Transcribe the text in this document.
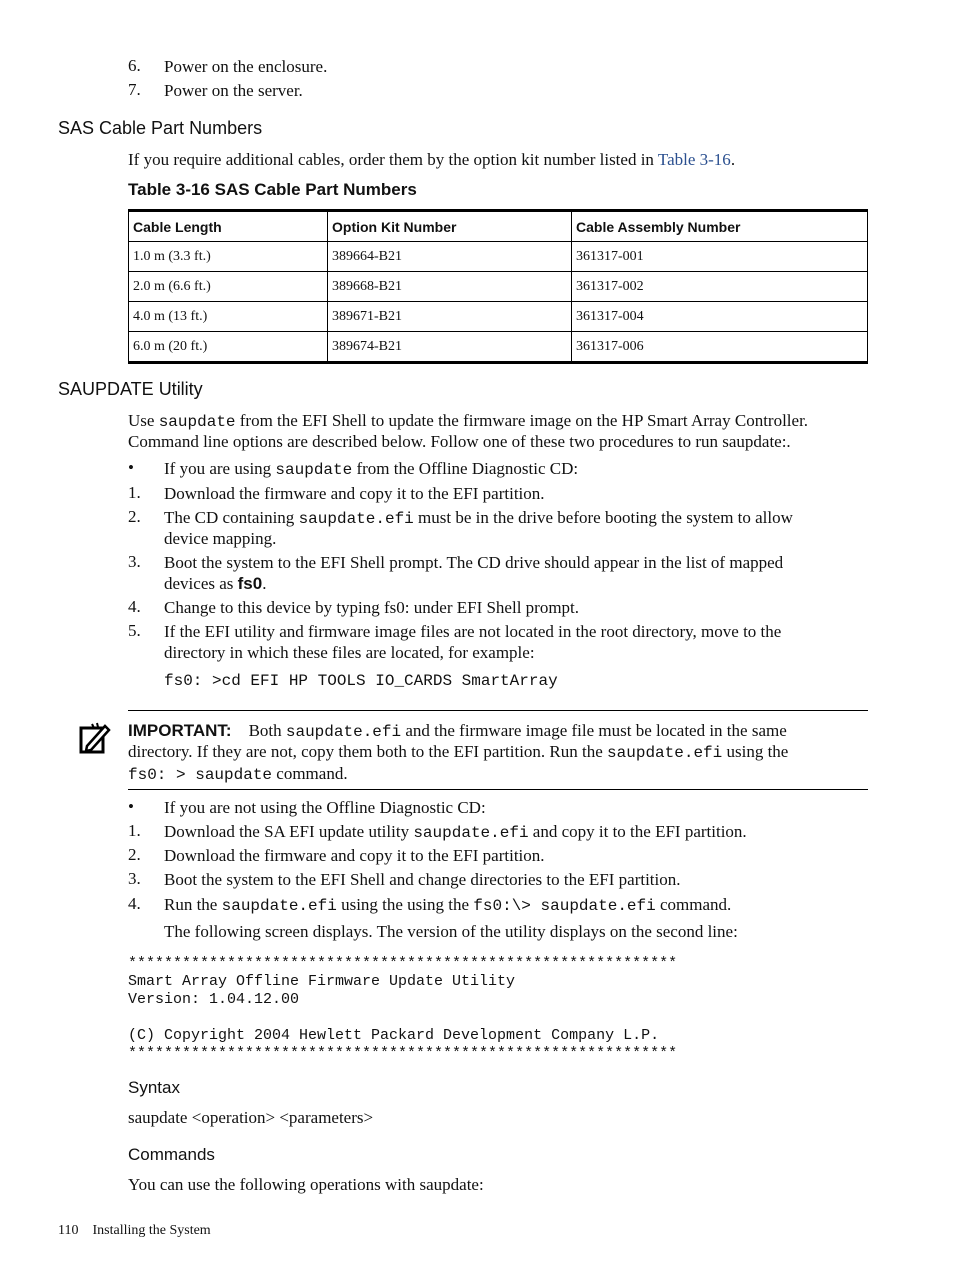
6. Power on the enclosure.
7. Power on the server.
SAS Cable Part Numbers
If you require additional cables, order them by the option kit number listed in Table 3-16.
Table 3-16 SAS Cable Part Numbers
Cable Length	Option Kit Number	Cable Assembly Number
1.0 m (3.3 ft.)	389664-B21	361317-001
2.0 m (6.6 ft.)	389668-B21	361317-002
4.0 m (13 ft.)	389671-B21	361317-004
6.0 m (20 ft.)	389674-B21	361317-006
SAUPDATE Utility
Use saupdate from the EFI Shell to update the firmware image on the HP Smart Array Controller.
Command line options are described below. Follow one of these two procedures to run saupdate:.
• If you are using saupdate from the Offline Diagnostic CD:
1. Download the firmware and copy it to the EFI partition.
2. The CD containing saupdate.efi must be in the drive before booting the system to allow
device mapping.
3. Boot the system to the EFI Shell prompt. The CD drive should appear in the list of mapped
devices as fs0.
4. Change to this device by typing fs0: under EFI Shell prompt.
5. If the EFI utility and firmware image files are not located in the root directory, move to the
directory in which these files are located, for example:
fs0: >cd EFI HP TOOLS IO_CARDS SmartArray
IMPORTANT: Both saupdate.efi and the firmware image file must be located in the same
directory. If they are not, copy them both to the EFI partition. Run the saupdate.efi using the
fs0: > saupdate command.
• If you are not using the Offline Diagnostic CD:
1. Download the SA EFI update utility saupdate.efi and copy it to the EFI partition.
2. Download the firmware and copy it to the EFI partition.
3. Boot the system to the EFI Shell and change directories to the EFI partition.
4. Run the saupdate.efi using the using the fs0:\> saupdate.efi command.
The following screen displays. The version of the utility displays on the second line:
*************************************************************
Smart Array Offline Firmware Update Utility
Version: 1.04.12.00

(C) Copyright 2004 Hewlett Packard Development Company L.P.
*************************************************************
Syntax
saupdate <operation> <parameters>
Commands
You can use the following operations with saupdate:
110 Installing the System
